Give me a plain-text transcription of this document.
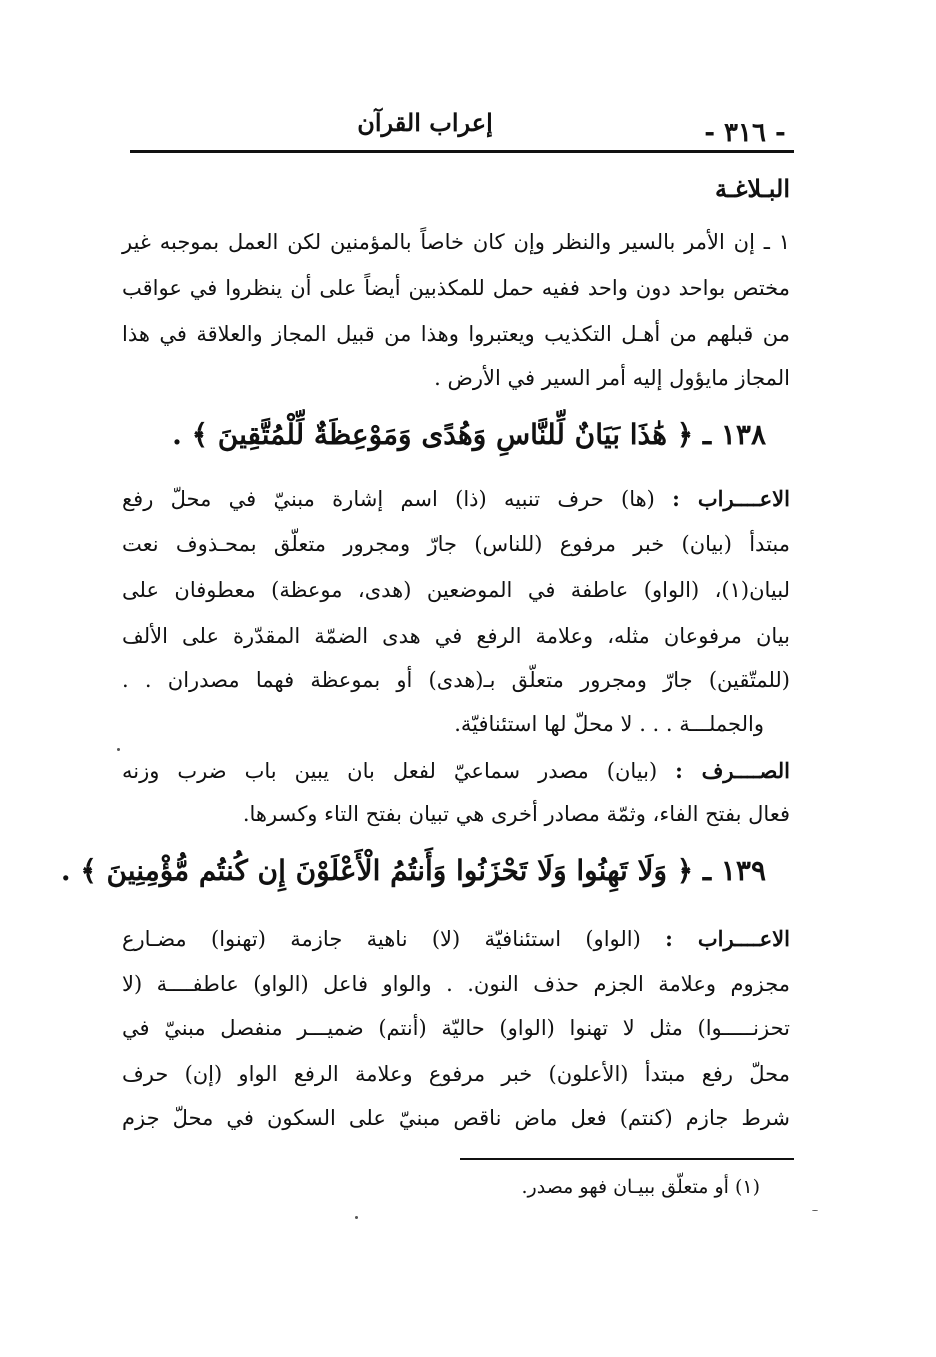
إعراب القرآن	- ٣١٦ -
البـلاغـة
١ ـ إن الأمر بالسير والنظر وإن كان خاصاً بالمؤمنين لكن العمل بموجبه غير
مختص بواحد دون واحد ففيه حمل للمكذبين أيضاً على أن ينظروا في عواقب
من قبلهم من أهـل التكذيب ويعتبروا وهذا من قبيل المجاز والعلاقة في هذا
المجاز مايؤول إليه أمر السير في الأرض .
١٣٨ ـ ﴿ هَٰذَا بَيَانٌ لِّلنَّاسِ وَهُدًى وَمَوْعِظَةٌ لِّلْمُتَّقِينَ ﴾ .
الاعــــراب : (ها) حرف تنبيه (ذا) اسم إشارة مبنيّ في محلّ رفع
مبتدأ (بيان) خبر مرفوع (للناس) جارّ ومجرور متعلّق بمحـذوف نعت
لبيان(١)، (الواو) عاطفة في الموضعين (هدى، موعظة) معطوفان على
بيان مرفوعان مثله، وعلامة الرفع في هدى الضمّة المقدّرة على الألف
(للمتّقين) جارّ ومجرور متعلّق بـ(هدى) أو بموعظة فهما مصدران . .
والجملـــة . . . لا محلّ لها استئنافيّة.
الصــــرف : (بيان) مصدر سماعيّ لفعل بان يبين باب ضرب وزنه
فعال بفتح الفاء، وثمّة مصادر أخرى هي تبيان بفتح التاء وكسرها.
١٣٩ ـ ﴿ وَلَا تَهِنُوا وَلَا تَحْزَنُوا وَأَنتُمُ الْأَعْلَوْنَ إِن كُنتُم مُّؤْمِنِينَ ﴾ .
الاعــــراب : (الواو) استئنافيّة (لا) ناهية جازمة (تهنوا) مضـارع
مجزوم وعلامة الجزم حذف النون. . والواو فاعل (الواو) عاطفــــة (لا
تحزنـــــوا) مثل لا تهنوا (الواو) حاليّة (أنتم) ضميـــر منفصل مبنيّ في
محلّ رفع مبتدأ (الأعلون) خبر مرفوع وعلامة الرفع الواو (إن) حرف
شرط جازم (كنتم) فعل ماض ناقص مبنيّ على السكون في محلّ جزم
(١) أو متعلّق ببيـان فهو مصدر.
